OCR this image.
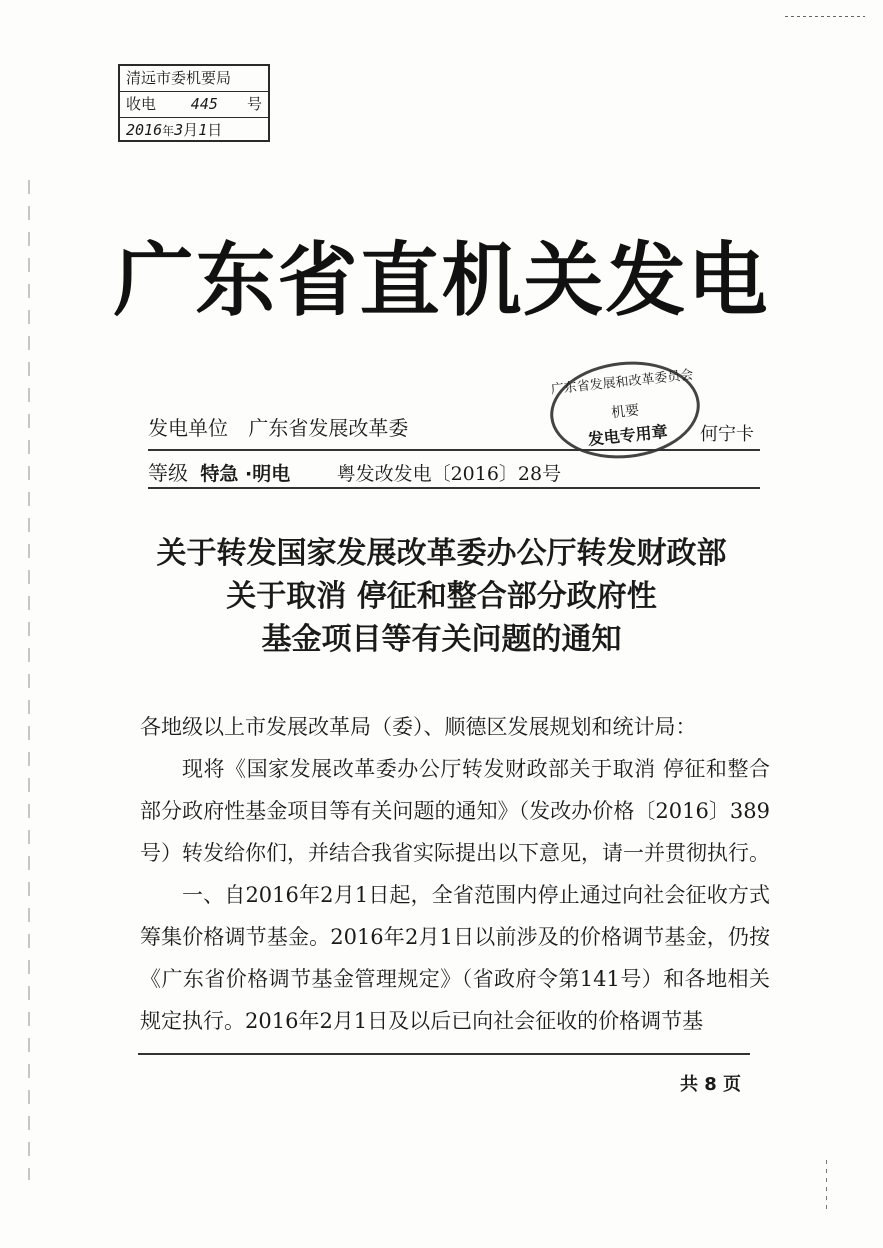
清远市委机要局
收电 445 号
2016年3月1日
广东省直机关发电
发电单位 广东省发展改革委	何宁卡
广东省发展和改革委员会
机要
发电专用章
等级 特急 ·明电 粤发改发电〔2016〕28号
关于转发国家发展改革委办公厅转发财政部
关于取消 停征和整合部分政府性
基金项目等有关问题的通知

各地级以上市发展改革局（委）、顺德区发展规划和统计局：

现将《国家发展改革委办公厅转发财政部关于取消 停征和整合部分政府性基金项目等有关问题的通知》（发改办价格〔2016〕389号）转发给你们，并结合我省实际提出以下意见，请一并贯彻执行。

一、自2016年2月1日起，全省范围内停止通过向社会征收方式筹集价格调节基金。2016年2月1日以前涉及的价格调节基金，仍按《广东省价格调节基金管理规定》（省政府令第141号）和各地相关规定执行。2016年2月1日及以后已向社会征收的价格调节基

共 8 页
